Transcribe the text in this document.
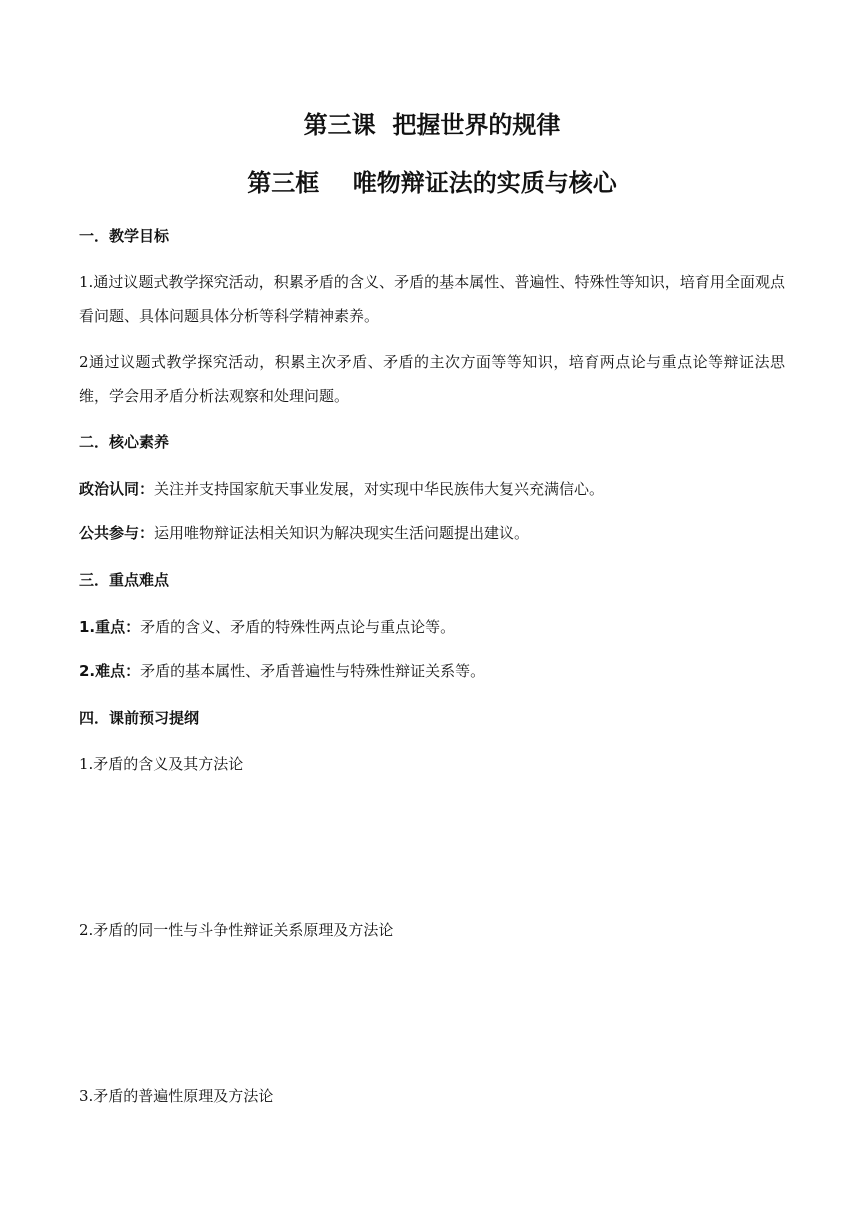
第三课  把握世界的规律
第三框    唯物辩证法的实质与核心
一．教学目标
1.通过议题式教学探究活动，积累矛盾的含义、矛盾的基本属性、普遍性、特殊性等知识，培育用全面观点看问题、具体问题具体分析等科学精神素养。
2通过议题式教学探究活动，积累主次矛盾、矛盾的主次方面等等知识，培育两点论与重点论等辩证法思维，学会用矛盾分析法观察和处理问题。
二．核心素养
政治认同：关注并支持国家航天事业发展，对实现中华民族伟大复兴充满信心。
公共参与：运用唯物辩证法相关知识为解决现实生活问题提出建议。
三．重点难点
1.重点：矛盾的含义、矛盾的特殊性两点论与重点论等。
2.难点：矛盾的基本属性、矛盾普遍性与特殊性辩证关系等。
四．课前预习提纲
1.矛盾的含义及其方法论
2.矛盾的同一性与斗争性辩证关系原理及方法论
3.矛盾的普遍性原理及方法论
